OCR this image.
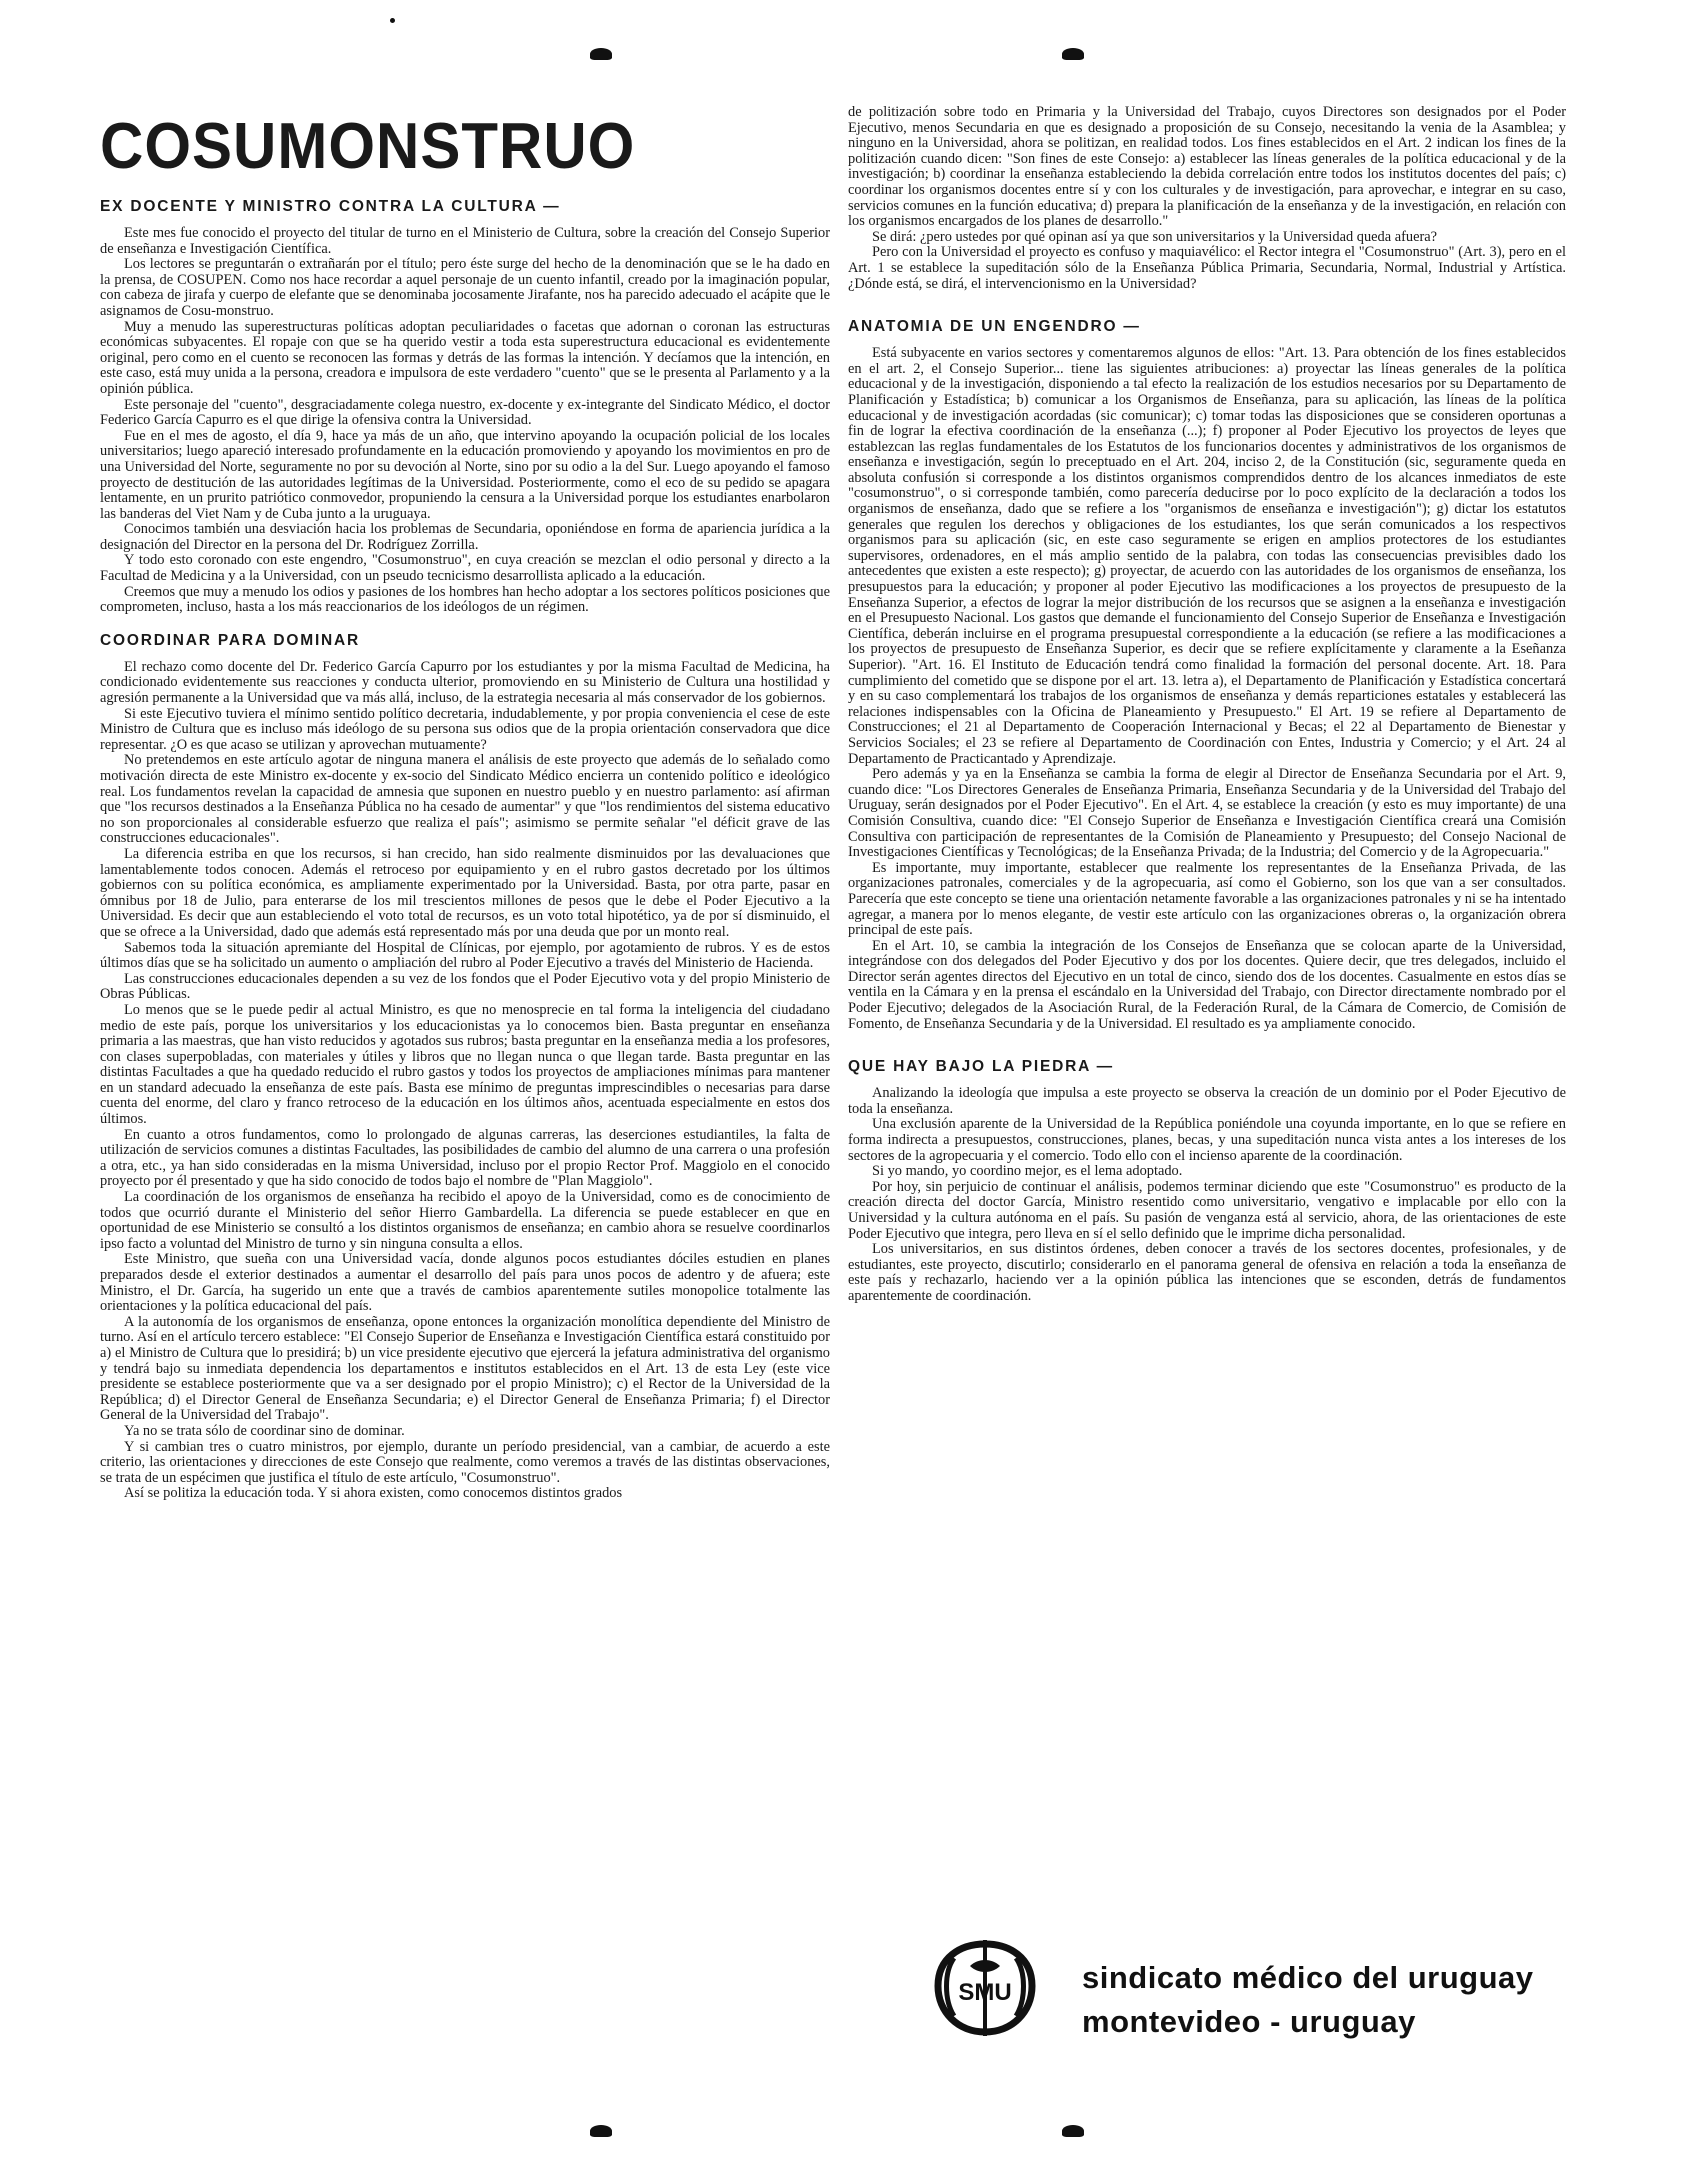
COSUMONSTRUO
EX DOCENTE Y MINISTRO CONTRA LA CULTURA —

Este mes fue conocido el proyecto del titular de turno en el Ministerio de Cultura, sobre la creación del Consejo Superior de enseñanza e Investigación Científica.

Los lectores se preguntarán o extrañarán por el título; pero éste surge del hecho de la denominación que se le ha dado en la prensa, de COSUPEN. Como nos hace recordar a aquel personaje de un cuento infantil, creado por la imaginación popular, con cabeza de jirafa y cuerpo de elefante que se denominaba jocosamente Jirafante, nos ha parecido adecuado el acápite que le asignamos de Cosu-monstruo.

Muy a menudo las superestructuras políticas adoptan peculiaridades o facetas que adornan o coronan las estructuras económicas subyacentes. El ropaje con que se ha querido vestir a toda esta superestructura educacional es evidentemente original, pero como en el cuento se reconocen las formas y detrás de las formas la intención. Y decíamos que la intención, en este caso, está muy unida a la persona, creadora e impulsora de este verdadero "cuento" que se le presenta al Parlamento y a la opinión pública.

Este personaje del "cuento", desgraciadamente colega nuestro, ex-docente y ex-integrante del Sindicato Médico, el doctor Federico García Capurro es el que dirige la ofensiva contra la Universidad.

Fue en el mes de agosto, el día 9, hace ya más de un año, que intervino apoyando la ocupación policial de los locales universitarios; luego apareció interesado profundamente en la educación promoviendo y apoyando los movimientos en pro de una Universidad del Norte, seguramente no por su devoción al Norte, sino por su odio a la del Sur. Luego apoyando el famoso proyecto de destitución de las autoridades legítimas de la Universidad. Posteriormente, como el eco de su pedido se apagara lentamente, en un prurito patriótico conmovedor, propuniendo la censura a la Universidad porque los estudiantes enarbolaron las banderas del Viet Nam y de Cuba junto a la uruguaya.

Conocimos también una desviación hacia los problemas de Secundaria, oponiéndose en forma de apariencia jurídica a la designación del Director en la persona del Dr. Rodríguez Zorrilla.

Y todo esto coronado con este engendro, "Cosumonstruo", en cuya creación se mezclan el odio personal y directo a la Facultad de Medicina y a la Universidad, con un pseudo tecnicismo desarrollista aplicado a la educación.

Creemos que muy a menudo los odios y pasiones de los hombres han hecho adoptar a los sectores políticos posiciones que comprometen, incluso, hasta a los más reaccionarios de los ideólogos de un régimen.

COORDINAR PARA DOMINAR

El rechazo como docente del Dr. Federico García Capurro por los estudiantes y por la misma Facultad de Medicina, ha condicionado evidentemente sus reacciones y conducta ulterior, promoviendo en su Ministerio de Cultura una hostilidad y agresión permanente a la Universidad que va más allá, incluso, de la estrategia necesaria al más conservador de los gobiernos.

Si este Ejecutivo tuviera el mínimo sentido político decretaria, indudablemente, y por propia conveniencia el cese de este Ministro de Cultura que es incluso más ideólogo de su persona sus odios que de la propia orientación conservadora que dice representar. ¿O es que acaso se utilizan y aprovechan mutuamente?

No pretendemos en este artículo agotar de ninguna manera el análisis de este proyecto que además de lo señalado como motivación directa de este Ministro ex-docente y ex-socio del Sindicato Médico encierra un contenido político e ideológico real. Los fundamentos revelan la capacidad de amnesia que suponen en nuestro pueblo y en nuestro parlamento: así afirman que "los recursos destinados a la Enseñanza Pública no ha cesado de aumentar" y que "los rendimientos del sistema educativo no son proporcionales al considerable esfuerzo que realiza el país"; asimismo se permite señalar "el déficit grave de las construcciones educacionales".

La diferencia estriba en que los recursos, si han crecido, han sido realmente disminuidos por las devaluaciones que lamentablemente todos conocen. Además el retroceso por equipamiento y en el rubro gastos decretado por los últimos gobiernos con su política económica, es ampliamente experimentado por la Universidad. Basta, por otra parte, pasar en ómnibus por 18 de Julio, para enterarse de los mil trescientos millones de pesos que le debe el Poder Ejecutivo a la Universidad. Es decir que aun estableciendo el voto total de recursos, es un voto total hipotético, ya de por sí disminuido, el que se ofrece a la Universidad, dado que además está representado más por una deuda que por un monto real.

Sabemos toda la situación apremiante del Hospital de Clínicas, por ejemplo, por agotamiento de rubros. Y es de estos últimos días que se ha solicitado un aumento o ampliación del rubro al Poder Ejecutivo a través del Ministerio de Hacienda.

Las construcciones educacionales dependen a su vez de los fondos que el Poder Ejecutivo vota y del propio Ministerio de Obras Públicas.

Lo menos que se le puede pedir al actual Ministro, es que no menosprecie en tal forma la inteligencia del ciudadano medio de este país, porque los universitarios y los educacionistas ya lo conocemos bien. Basta preguntar en enseñanza primaria a las maestras, que han visto reducidos y agotados sus rubros; basta preguntar en la enseñanza media a los profesores, con clases superpobladas, con materiales y útiles y libros que no llegan nunca o que llegan tarde. Basta preguntar en las distintas Facultades a que ha quedado reducido el rubro gastos y todos los proyectos de ampliaciones mínimas para mantener en un standard adecuado la enseñanza de este país. Basta ese mínimo de preguntas imprescindibles o necesarias para darse cuenta del enorme, del claro y franco retroceso de la educación en los últimos años, acentuada especialmente en estos dos últimos.

En cuanto a otros fundamentos, como lo prolongado de algunas carreras, las deserciones estudiantiles, la falta de utilización de servicios comunes a distintas Facultades, las posibilidades de cambio del alumno de una carrera o una profesión a otra, etc., ya han sido consideradas en la misma Universidad, incluso por el propio Rector Prof. Maggiolo en el conocido proyecto por él presentado y que ha sido conocido de todos bajo el nombre de "Plan Maggiolo".

La coordinación de los organismos de enseñanza ha recibido el apoyo de la Universidad, como es de conocimiento de todos que ocurrió durante el Ministerio del señor Hierro Gambardella. La diferencia se puede establecer en que en oportunidad de ese Ministerio se consultó a los distintos organismos de enseñanza; en cambio ahora se resuelve coordinarlos ipso facto a voluntad del Ministro de turno y sin ninguna consulta a ellos.

Este Ministro, que sueña con una Universidad vacía, donde algunos pocos estudiantes dóciles estudien en planes preparados desde el exterior destinados a aumentar el desarrollo del país para unos pocos de adentro y de afuera; este Ministro, el Dr. García, ha sugerido un ente que a través de cambios aparentemente sutiles monopolice totalmente las orientaciones y la política educacional del país.

A la autonomía de los organismos de enseñanza, opone entonces la organización monolítica dependiente del Ministro de turno. Así en el artículo tercero establece: "El Consejo Superior de Enseñanza e Investigación Científica estará constituido por a) el Ministro de Cultura que lo presidirá; b) un vice presidente ejecutivo que ejercerá la jefatura administrativa del organismo y tendrá bajo su inmediata dependencia los departamentos e institutos establecidos en el Art. 13 de esta Ley (este vice presidente se establece posteriormente que va a ser designado por el propio Ministro); c) el Rector de la Universidad de la República; d) el Director General de Enseñanza Secundaria; e) el Director General de Enseñanza Primaria; f) el Director General de la Universidad del Trabajo".

Ya no se trata sólo de coordinar sino de dominar.

Y si cambian tres o cuatro ministros, por ejemplo, durante un período presidencial, van a cambiar, de acuerdo a este criterio, las orientaciones y direcciones de este Consejo que realmente, como veremos a través de las distintas observaciones, se trata de un espécimen que justifica el título de este artículo, "Cosumonstruo".

Así se politiza la educación toda. Y si ahora existen, como conocemos distintos grados

de politización sobre todo en Primaria y la Universidad del Trabajo, cuyos Directores son designados por el Poder Ejecutivo, menos Secundaria en que es designado a proposición de su Consejo, necesitando la venia de la Asamblea; y ninguno en la Universidad, ahora se politizan, en realidad todos. Los fines establecidos en el Art. 2 indican los fines de la politización cuando dicen: "Son fines de este Consejo: a) establecer las líneas generales de la política educacional y de la investigación; b) coordinar la enseñanza estableciendo la debida correlación entre todos los institutos docentes del país; c) coordinar los organismos docentes entre sí y con los culturales y de investigación, para aprovechar, e integrar en su caso, servicios comunes en la función educativa; d) prepara la planificación de la enseñanza y de la investigación, en relación con los organismos encargados de los planes de desarrollo."

Se dirá: ¿pero ustedes por qué opinan así ya que son universitarios y la Universidad queda afuera?

Pero con la Universidad el proyecto es confuso y maquiavélico: el Rector integra el "Cosumonstruo" (Art. 3), pero en el Art. 1 se establece la supeditación sólo de la Enseñanza Pública Primaria, Secundaria, Normal, Industrial y Artística. ¿Dónde está, se dirá, el intervencionismo en la Universidad?

ANATOMIA DE UN ENGENDRO —

Está subyacente en varios sectores y comentaremos algunos de ellos: "Art. 13. Para obtención de los fines establecidos en el art. 2, el Consejo Superior... tiene las siguientes atribuciones: a) proyectar las líneas generales de la política educacional y de la investigación, disponiendo a tal efecto la realización de los estudios necesarios por su Departamento de Planificación y Estadística; b) comunicar a los Organismos de Enseñanza, para su aplicación, las líneas de la política educacional y de investigación acordadas (sic comunicar); c) tomar todas las disposiciones que se consideren oportunas a fin de lograr la efectiva coordinación de la enseñanza (...); f) proponer al Poder Ejecutivo los proyectos de leyes que establezcan las reglas fundamentales de los Estatutos de los funcionarios docentes y administrativos de los organismos de enseñanza e investigación, según lo preceptuado en el Art. 204, inciso 2, de la Constitución (sic, seguramente queda en absoluta confusión si corresponde a los distintos organismos comprendidos dentro de los alcances inmediatos de este "cosumonstruo", o si corresponde también, como parecería deducirse por lo poco explícito de la declaración a todos los organismos de enseñanza, dado que se refiere a los "organismos de enseñanza e investigación"); g) dictar los estatutos generales que regulen los derechos y obligaciones de los estudiantes, los que serán comunicados a los respectivos organismos para su aplicación (sic, en este caso seguramente se erigen en amplios protectores de los estudiantes supervisores, ordenadores, en el más amplio sentido de la palabra, con todas las consecuencias previsibles dado los antecedentes que existen a este respecto); g) proyectar, de acuerdo con las autoridades de los organismos de enseñanza, los presupuestos para la educación; y proponer al poder Ejecutivo las modificaciones a los proyectos de presupuesto de la Enseñanza Superior, a efectos de lograr la mejor distribución de los recursos que se asignen a la enseñanza e investigación en el Presupuesto Nacional. Los gastos que demande el funcionamiento del Consejo Superior de Enseñanza e Investigación Científica, deberán incluirse en el programa presupuestal correspondiente a la educación (se refiere a las modificaciones a los proyectos de presupuesto de Enseñanza Superior, es decir que se refiere explícitamente y claramente a la Eseñanza Superior). "Art. 16. El Instituto de Educación tendrá como finalidad la formación del personal docente. Art. 18. Para cumplimiento del cometido que se dispone por el art. 13. letra a), el Departamento de Planificación y Estadística concertará y en su caso complementará los trabajos de los organismos de enseñanza y demás reparticiones estatales y establecerá las relaciones indispensables con la Oficina de Planeamiento y Presupuesto." El Art. 19 se refiere al Departamento de Construcciones; el 21 al Departamento de Cooperación Internacional y Becas; el 22 al Departamento de Bienestar y Servicios Sociales; el 23 se refiere al Departamento de Coordinación con Entes, Industria y Comercio; y el Art. 24 al Departamento de Practicantado y Aprendizaje.

Pero además y ya en la Enseñanza se cambia la forma de elegir al Director de Enseñanza Secundaria por el Art. 9, cuando dice: "Los Directores Generales de Enseñanza Primaria, Enseñanza Secundaria y de la Universidad del Trabajo del Uruguay, serán designados por el Poder Ejecutivo". En el Art. 4, se establece la creación (y esto es muy importante) de una Comisión Consultiva, cuando dice: "El Consejo Superior de Enseñanza e Investigación Científica creará una Comisión Consultiva con participación de representantes de la Comisión de Planeamiento y Presupuesto; del Consejo Nacional de Investigaciones Científicas y Tecnológicas; de la Enseñanza Privada; de la Industria; del Comercio y de la Agropecuaria."

Es importante, muy importante, establecer que realmente los representantes de la Enseñanza Privada, de las organizaciones patronales, comerciales y de la agropecuaria, así como el Gobierno, son los que van a ser consultados. Parecería que este concepto se tiene una orientación netamente favorable a las organizaciones patronales y ni se ha intentado agregar, a manera por lo menos elegante, de vestir este artículo con las organizaciones obreras o, la organización obrera principal de este país.

En el Art. 10, se cambia la integración de los Consejos de Enseñanza que se colocan aparte de la Universidad, integrándose con dos delegados del Poder Ejecutivo y dos por los docentes. Quiere decir, que tres delegados, incluido el Director serán agentes directos del Ejecutivo en un total de cinco, siendo dos de los docentes. Casualmente en estos días se ventila en la Cámara y en la prensa el escándalo en la Universidad del Trabajo, con Director directamente nombrado por el Poder Ejecutivo; delegados de la Asociación Rural, de la Federación Rural, de la Cámara de Comercio, de Comisión de Fomento, de Enseñanza Secundaria y de la Universidad. El resultado es ya ampliamente conocido.

QUE HAY BAJO LA PIEDRA —

Analizando la ideología que impulsa a este proyecto se observa la creación de un dominio por el Poder Ejecutivo de toda la enseñanza.

Una exclusión aparente de la Universidad de la República poniéndole una coyunda importante, en lo que se refiere en forma indirecta a presupuestos, construcciones, planes, becas, y una supeditación nunca vista antes a los intereses de los sectores de la agropecuaria y el comercio. Todo ello con el incienso aparente de la coordinación.

Si yo mando, yo coordino mejor, es el lema adoptado.

Por hoy, sin perjuicio de continuar el análisis, podemos terminar diciendo que este "Cosumonstruo" es producto de la creación directa del doctor García, Ministro resentido como universitario, vengativo e implacable por ello con la Universidad y la cultura autónoma en el país. Su pasión de venganza está al servicio, ahora, de las orientaciones de este Poder Ejecutivo que integra, pero lleva en sí el sello definido que le imprime dicha personalidad.

Los universitarios, en sus distintos órdenes, deben conocer a través de los sectores docentes, profesionales, y de estudiantes, este proyecto, discutirlo; considerarlo en el panorama general de ofensiva en relación a toda la enseñanza de este país y rechazarlo, haciendo ver a la opinión pública las intenciones que se esconden, detrás de fundamentos aparentemente de coordinación.

SMU sindicato médico del uruguay
montevideo - uruguay
